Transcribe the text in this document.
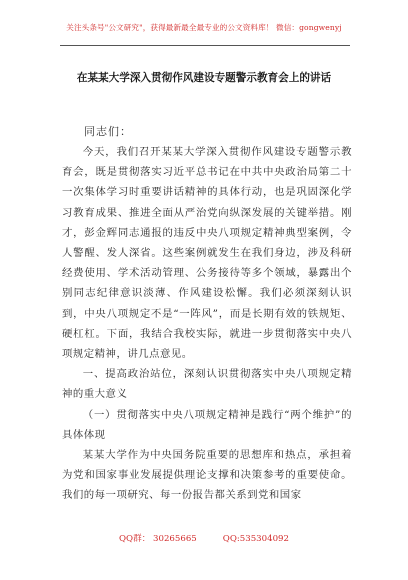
关注头条号"公文研究"，获得最新最全最专业的公文资料库！ 微信：gongwenyj
在某某大学深入贯彻作风建设专题警示教育会上的讲话
同志们：

今天，我们召开某某大学深入贯彻作风建设专题警示教育会，既是贯彻落实习近平总书记在中共中央政治局第二十一次集体学习时重要讲话精神的具体行动，也是巩固深化学习教育成果、推进全面从严治党向纵深发展的关键举措。刚才，彭金辉同志通报的违反中央八项规定精神典型案例，令人警醒、发人深省。这些案例就发生在我们身边，涉及科研经费使用、学术活动管理、公务接待等多个领域，暴露出个别同志纪律意识淡薄、作风建设松懈。我们必须深刻认识到，中央八项规定不是“一阵风”，而是长期有效的铁规矩、硬杠杠。下面，我结合我校实际，就进一步贯彻落实中央八项规定精神，讲几点意见。

一、提高政治站位，深刻认识贯彻落实中央八项规定精神的重大意义

（一）贯彻落实中央八项规定精神是践行“两个维护”的具体体现

某某大学作为中央国务院重要的思想库和热点，承担着为党和国家事业发展提供理论支撑和决策参考的重要使命。我们的每一项研究、每一份报告都关系到党和国家

QQ群： 30265665	QQ:535304092
